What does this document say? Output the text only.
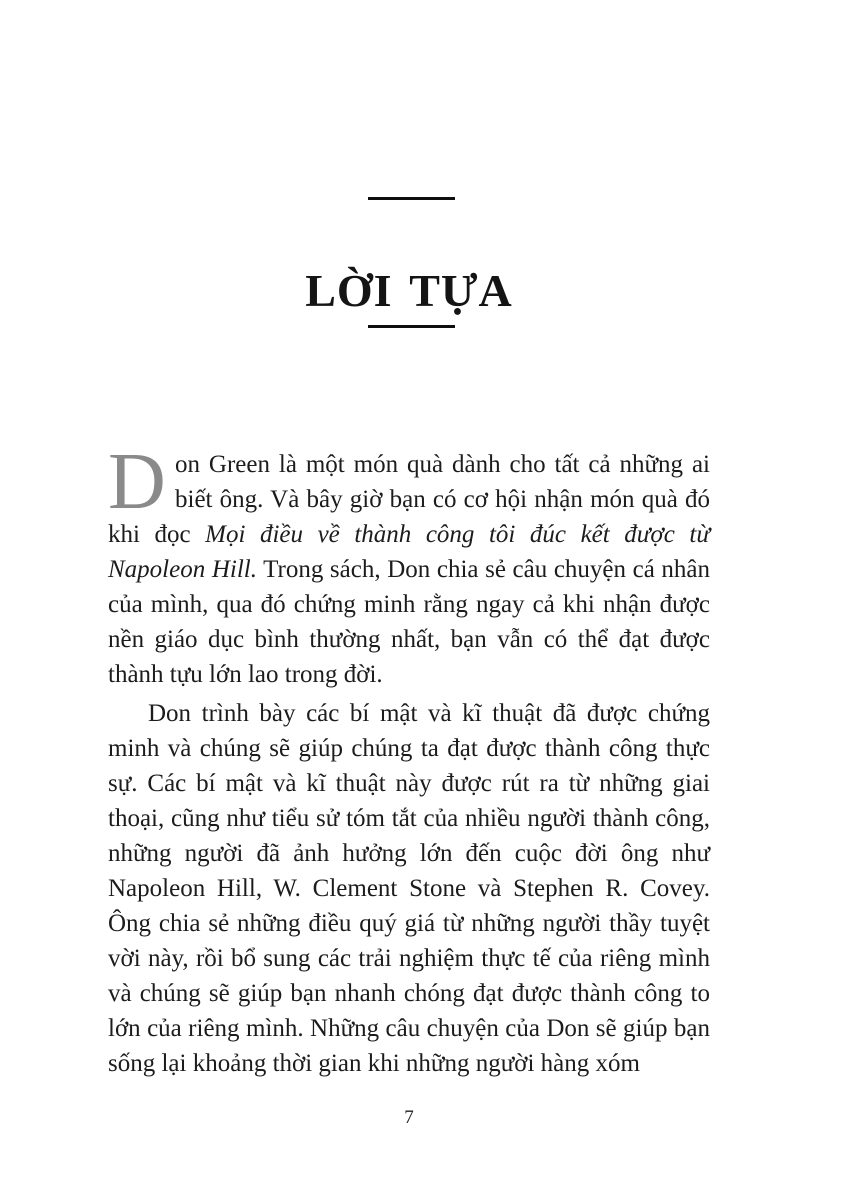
LỜI TỰA

Don Green là một món quà dành cho tất cả những ai biết ông. Và bây giờ bạn có cơ hội nhận món quà đó khi đọc Mọi điều về thành công tôi đúc kết được từ Napoleon Hill. Trong sách, Don chia sẻ câu chuyện cá nhân của mình, qua đó chứng minh rằng ngay cả khi nhận được nền giáo dục bình thường nhất, bạn vẫn có thể đạt được thành tựu lớn lao trong đời.

Don trình bày các bí mật và kĩ thuật đã được chứng minh và chúng sẽ giúp chúng ta đạt được thành công thực sự. Các bí mật và kĩ thuật này được rút ra từ những giai thoại, cũng như tiểu sử tóm tắt của nhiều người thành công, những người đã ảnh hưởng lớn đến cuộc đời ông như Napoleon Hill, W. Clement Stone và Stephen R. Covey. Ông chia sẻ những điều quý giá từ những người thầy tuyệt vời này, rồi bổ sung các trải nghiệm thực tế của riêng mình và chúng sẽ giúp bạn nhanh chóng đạt được thành công to lớn của riêng mình. Những câu chuyện của Don sẽ giúp bạn sống lại khoảng thời gian khi những người hàng xóm

7
